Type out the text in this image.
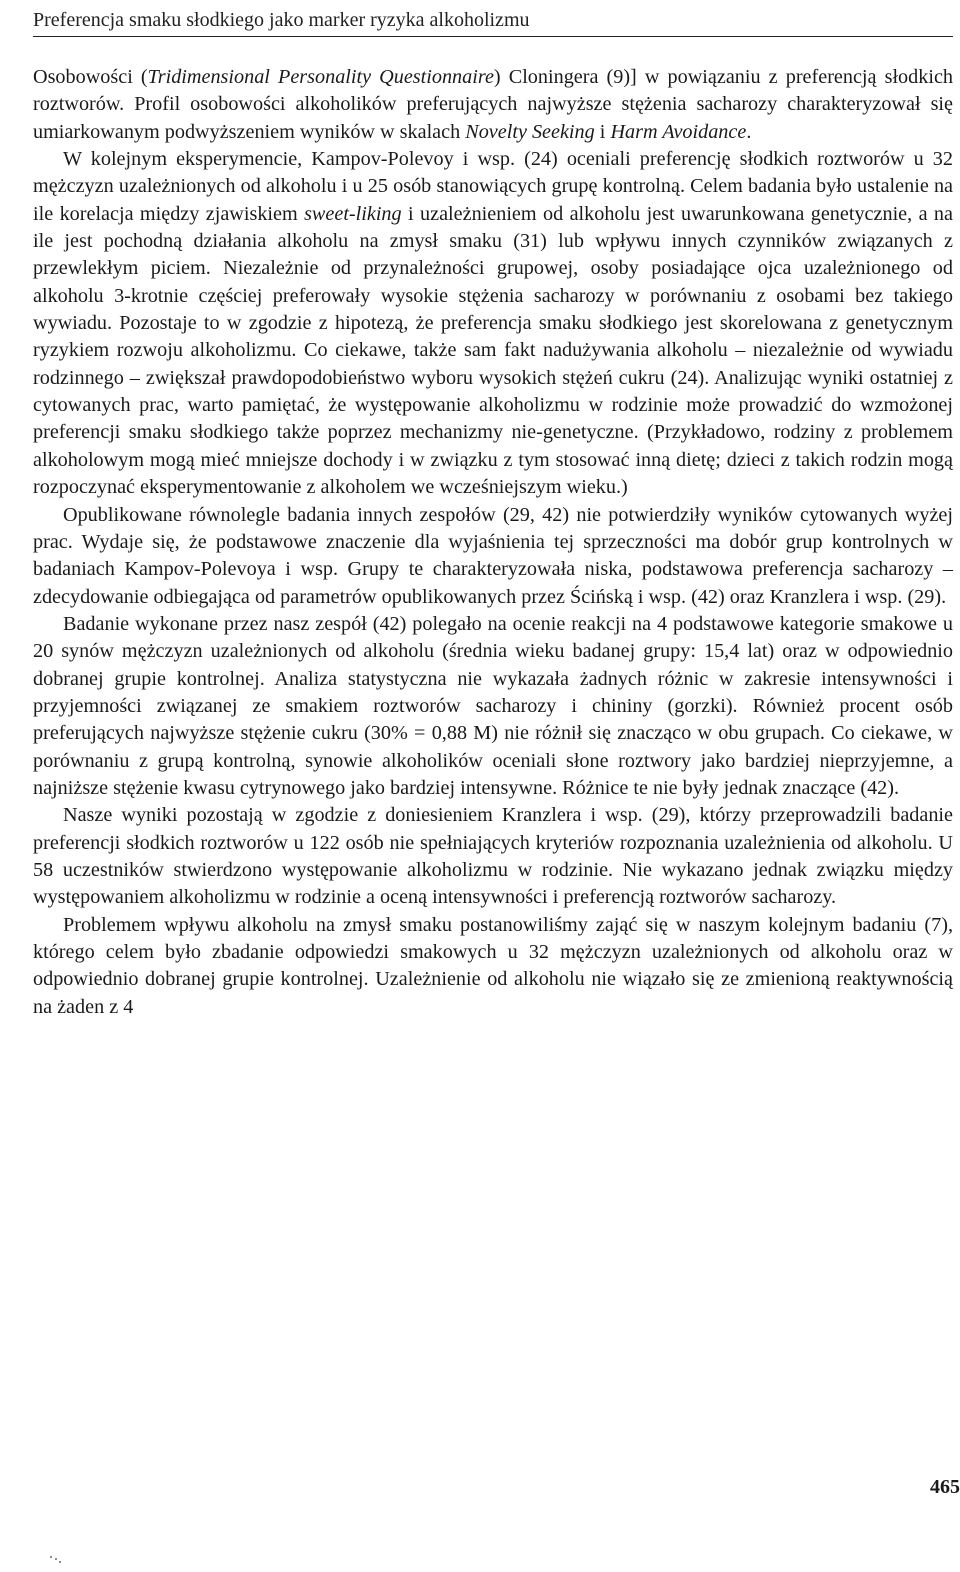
Preferencja smaku słodkiego jako marker ryzyka alkoholizmu

Osobowości (Tridimensional Personality Questionnaire) Cloningera (9)] w powiązaniu z preferencją słodkich roztworów. Profil osobowości alkoholików preferujących najwyższe stężenia sacharozy charakteryzował się umiarkowanym podwyższeniem wyników w skalach Novelty Seeking i Harm Avoidance.

W kolejnym eksperymencie, Kampov-Polevoy i wsp. (24) oceniali preferencję słodkich roztworów u 32 mężczyzn uzależnionych od alkoholu i u 25 osób stanowiących grupę kontrolną. Celem badania było ustalenie na ile korelacja między zjawiskiem sweet-liking i uzależnieniem od alkoholu jest uwarunkowana genetycznie, a na ile jest pochodną działania alkoholu na zmysł smaku (31) lub wpływu innych czynników związanych z przewlekłym piciem. Niezależnie od przynależności grupowej, osoby posiadające ojca uzależnionego od alkoholu 3-krotnie częściej preferowały wysokie stężenia sacharozy w porównaniu z osobami bez takiego wywiadu. Pozostaje to w zgodzie z hipotezą, że preferencja smaku słodkiego jest skorelowana z genetycznym ryzykiem rozwoju alkoholizmu. Co ciekawe, także sam fakt nadużywania alkoholu – niezależnie od wywiadu rodzinnego – zwiększał prawdopodobieństwo wyboru wysokich stężeń cukru (24). Analizując wyniki ostatniej z cytowanych prac, warto pamiętać, że występowanie alkoholizmu w rodzinie może prowadzić do wzmożonej preferencji smaku słodkiego także poprzez mechanizmy nie-genetyczne. (Przykładowo, rodziny z problemem alkoholowym mogą mieć mniejsze dochody i w związku z tym stosować inną dietę; dzieci z takich rodzin mogą rozpoczynać eksperymentowanie z alkoholem we wcześniejszym wieku.)

Opublikowane równolegle badania innych zespołów (29, 42) nie potwierdziły wyników cytowanych wyżej prac. Wydaje się, że podstawowe znaczenie dla wyjaśnienia tej sprzeczności ma dobór grup kontrolnych w badaniach Kampov-Polevoya i wsp. Grupy te charakteryzowała niska, podstawowa preferencja sacharozy – zdecydowanie odbiegająca od parametrów opublikowanych przez Ścińską i wsp. (42) oraz Kranzlera i wsp. (29).

Badanie wykonane przez nasz zespół (42) polegało na ocenie reakcji na 4 podstawowe kategorie smakowe u 20 synów mężczyzn uzależnionych od alkoholu (średnia wieku badanej grupy: 15,4 lat) oraz w odpowiednio dobranej grupie kontrolnej. Analiza statystyczna nie wykazała żadnych różnic w zakresie intensywności i przyjemności związanej ze smakiem roztworów sacharozy i chininy (gorzki). Również procent osób preferujących najwyższe stężenie cukru (30% = 0,88 M) nie różnił się znacząco w obu grupach. Co ciekawe, w porównaniu z grupą kontrolną, synowie alkoholików oceniali słone roztwory jako bardziej nieprzyjemne, a najniższe stężenie kwasu cytrynowego jako bardziej intensywne. Różnice te nie były jednak znaczące (42).

Nasze wyniki pozostają w zgodzie z doniesieniem Kranzlera i wsp. (29), którzy przeprowadzili badanie preferencji słodkich roztworów u 122 osób nie spełniających kryteriów rozpoznania uzależnienia od alkoholu. U 58 uczestników stwierdzono występowanie alkoholizmu w rodzinie. Nie wykazano jednak związku między występowaniem alkoholizmu w rodzinie a oceną intensywności i preferencją roztworów sacharozy.

Problemem wpływu alkoholu na zmysł smaku postanowiliśmy zająć się w naszym kolejnym badaniu (7), którego celem było zbadanie odpowiedzi smakowych u 32 mężczyzn uzależnionych od alkoholu oraz w odpowiednio dobranej grupie kontrolnej. Uzależnienie od alkoholu nie wiązało się ze zmienioną reaktywnością na żaden z 4

465
